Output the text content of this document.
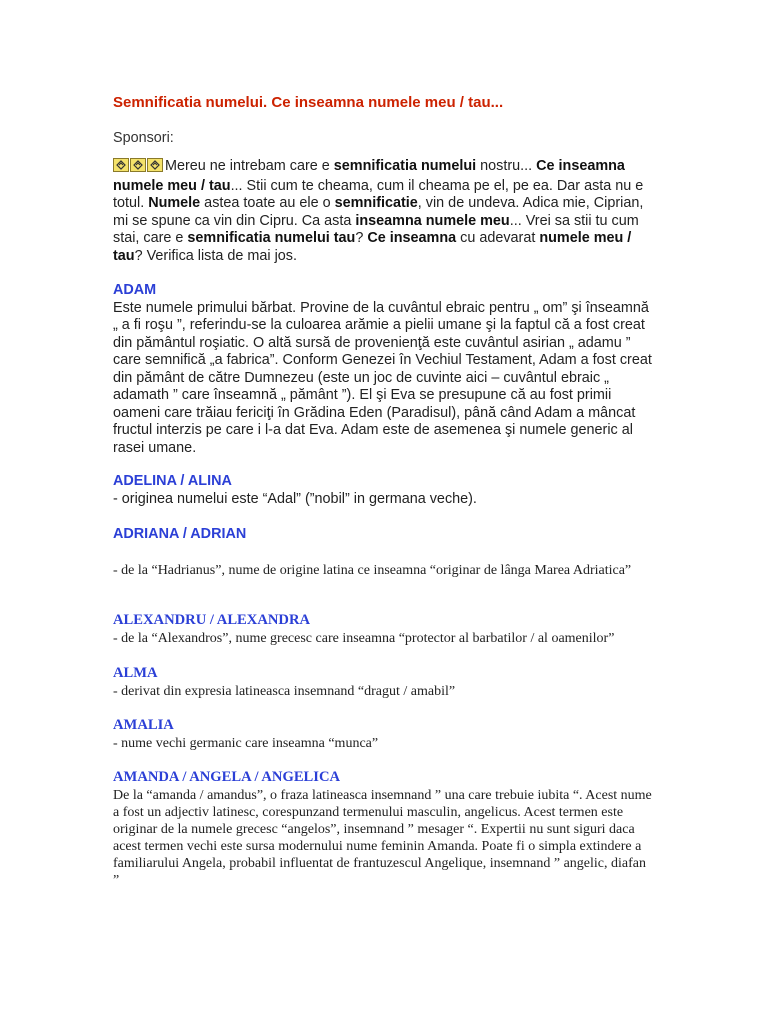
Semnificatia numelui. Ce inseamna numele meu / tau...
Sponsori:
Mereu ne intrebam care e semnificatia numelui nostru... Ce inseamna numele meu / tau... Stii cum te cheama, cum il cheama pe el, pe ea. Dar asta nu e totul. Numele astea toate au ele o semnificatie, vin de undeva. Adica mie, Ciprian, mi se spune ca vin din Cipru. Ca asta inseamna numele meu... Vrei sa stii tu cum stai, care e semnificatia numelui tau? Ce inseamna cu adevarat numele meu / tau? Verifica lista de mai jos.
ADAM
Este numele primului bărbat. Provine de la cuvântul ebraic pentru „ om” şi înseamnă „ a fi roşu ”, referindu-se la culoarea arămie a pielii umane şi la faptul că a fost creat din pământul roşiatic. O altă sursă de provenienţă este cuvântul asirian „ adamu ” care semnifică „a fabrica”. Conform Genezei în Vechiul Testament, Adam a fost creat din pământ de către Dumnezeu (este un joc de cuvinte aici – cuvântul ebraic „ adamath ” care înseamnă „ pământ ”). El şi Eva se presupune că au fost primii oameni care trăiau fericiţi în Grădina Eden (Paradisul), până când Adam a mâncat fructul interzis pe care i l-a dat Eva. Adam este de asemenea şi numele generic al rasei umane.
ADELINA / ALINA
- originea numelui este “Adal” (”nobil” in germana veche).
ADRIANA / ADRIAN
- de la “Hadrianus”, nume de origine latina ce inseamna “originar de lânga Marea Adriatica”
ALEXANDRU / ALEXANDRA
- de la “Alexandros”, nume grecesc care inseamna “protector al barbatilor / al oamenilor”
ALMA
- derivat din expresia latineasca insemnand “dragut / amabil”
AMALIA
- nume vechi germanic care inseamna “munca”
AMANDA / ANGELA / ANGELICA
De la “amanda / amandus”, o fraza latineasca insemnand ” una care trebuie iubita “. Acest nume a fost un adjectiv latinesc, corespunzand termenului masculin, angelicus. Acest termen este originar de la numele grecesc “angelos”, insemnand ” mesager “. Expertii nu sunt siguri daca acest termen vechi este sursa modernului nume feminin Amanda. Poate fi o simpla extindere a familiarului Angela, probabil influentat de frantuzescul Angelique, insemnand ” angelic, diafan ”
